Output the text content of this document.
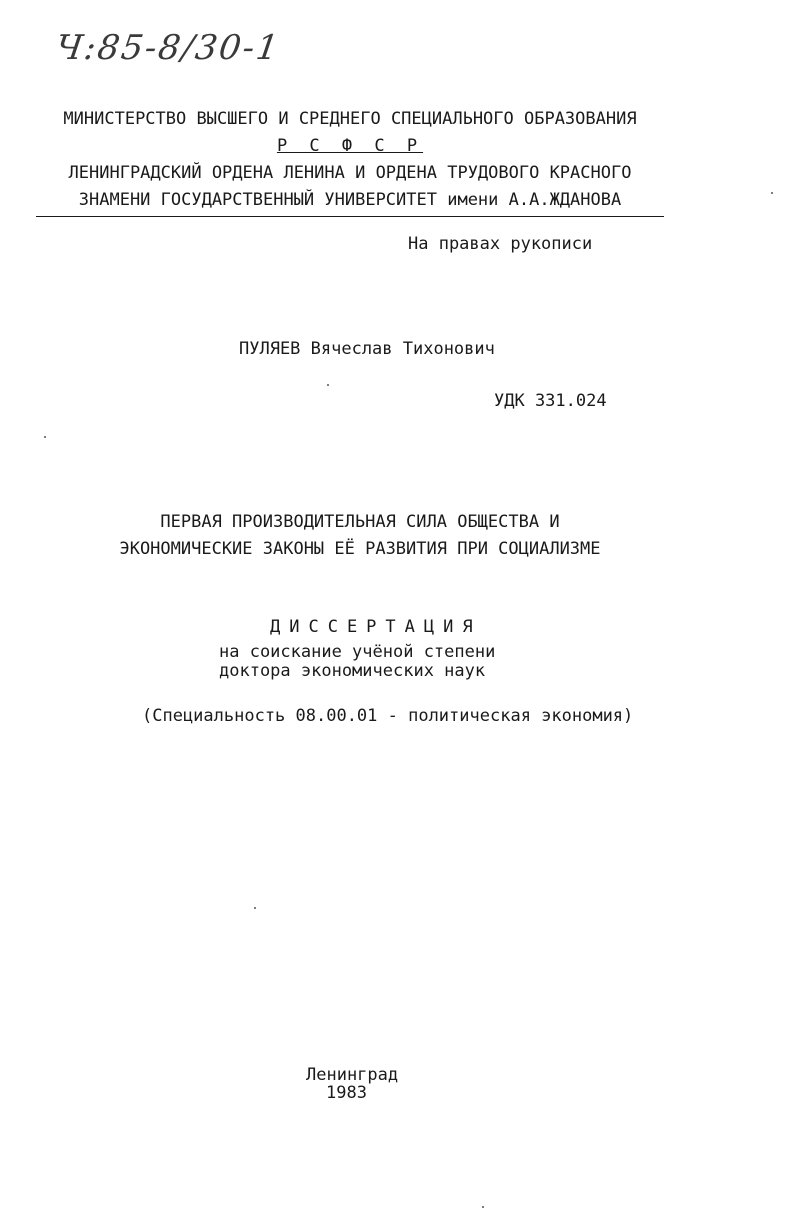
Ч:85-8/30-1
МИНИСТЕРСТВО ВЫСШЕГО И СРЕДНЕГО СПЕЦИАЛЬНОГО ОБРАЗОВАНИЯ
Р С Ф С Р
ЛЕНИНГРАДСКИЙ ОРДЕНА ЛЕНИНА И ОРДЕНА ТРУДОВОГО КРАСНОГО
ЗНАМЕНИ ГОСУДАРСТВЕННЫЙ УНИВЕРСИТЕТ имени А.А.ЖДАНОВА
На правах рукописи
ПУЛЯЕВ Вячеслав Тихонович
УДК 331.024
ПЕРВАЯ ПРОИЗВОДИТЕЛЬНАЯ СИЛА ОБЩЕСТВА И
ЭКОНОМИЧЕСКИЕ ЗАКОНЫ ЕЁ РАЗВИТИЯ ПРИ СОЦИАЛИЗМЕ
ДИССЕРТАЦИЯ
на соискание учёной степени
доктора экономических наук
(Специальность 08.00.01 - политическая экономия)
Ленинград
1983
